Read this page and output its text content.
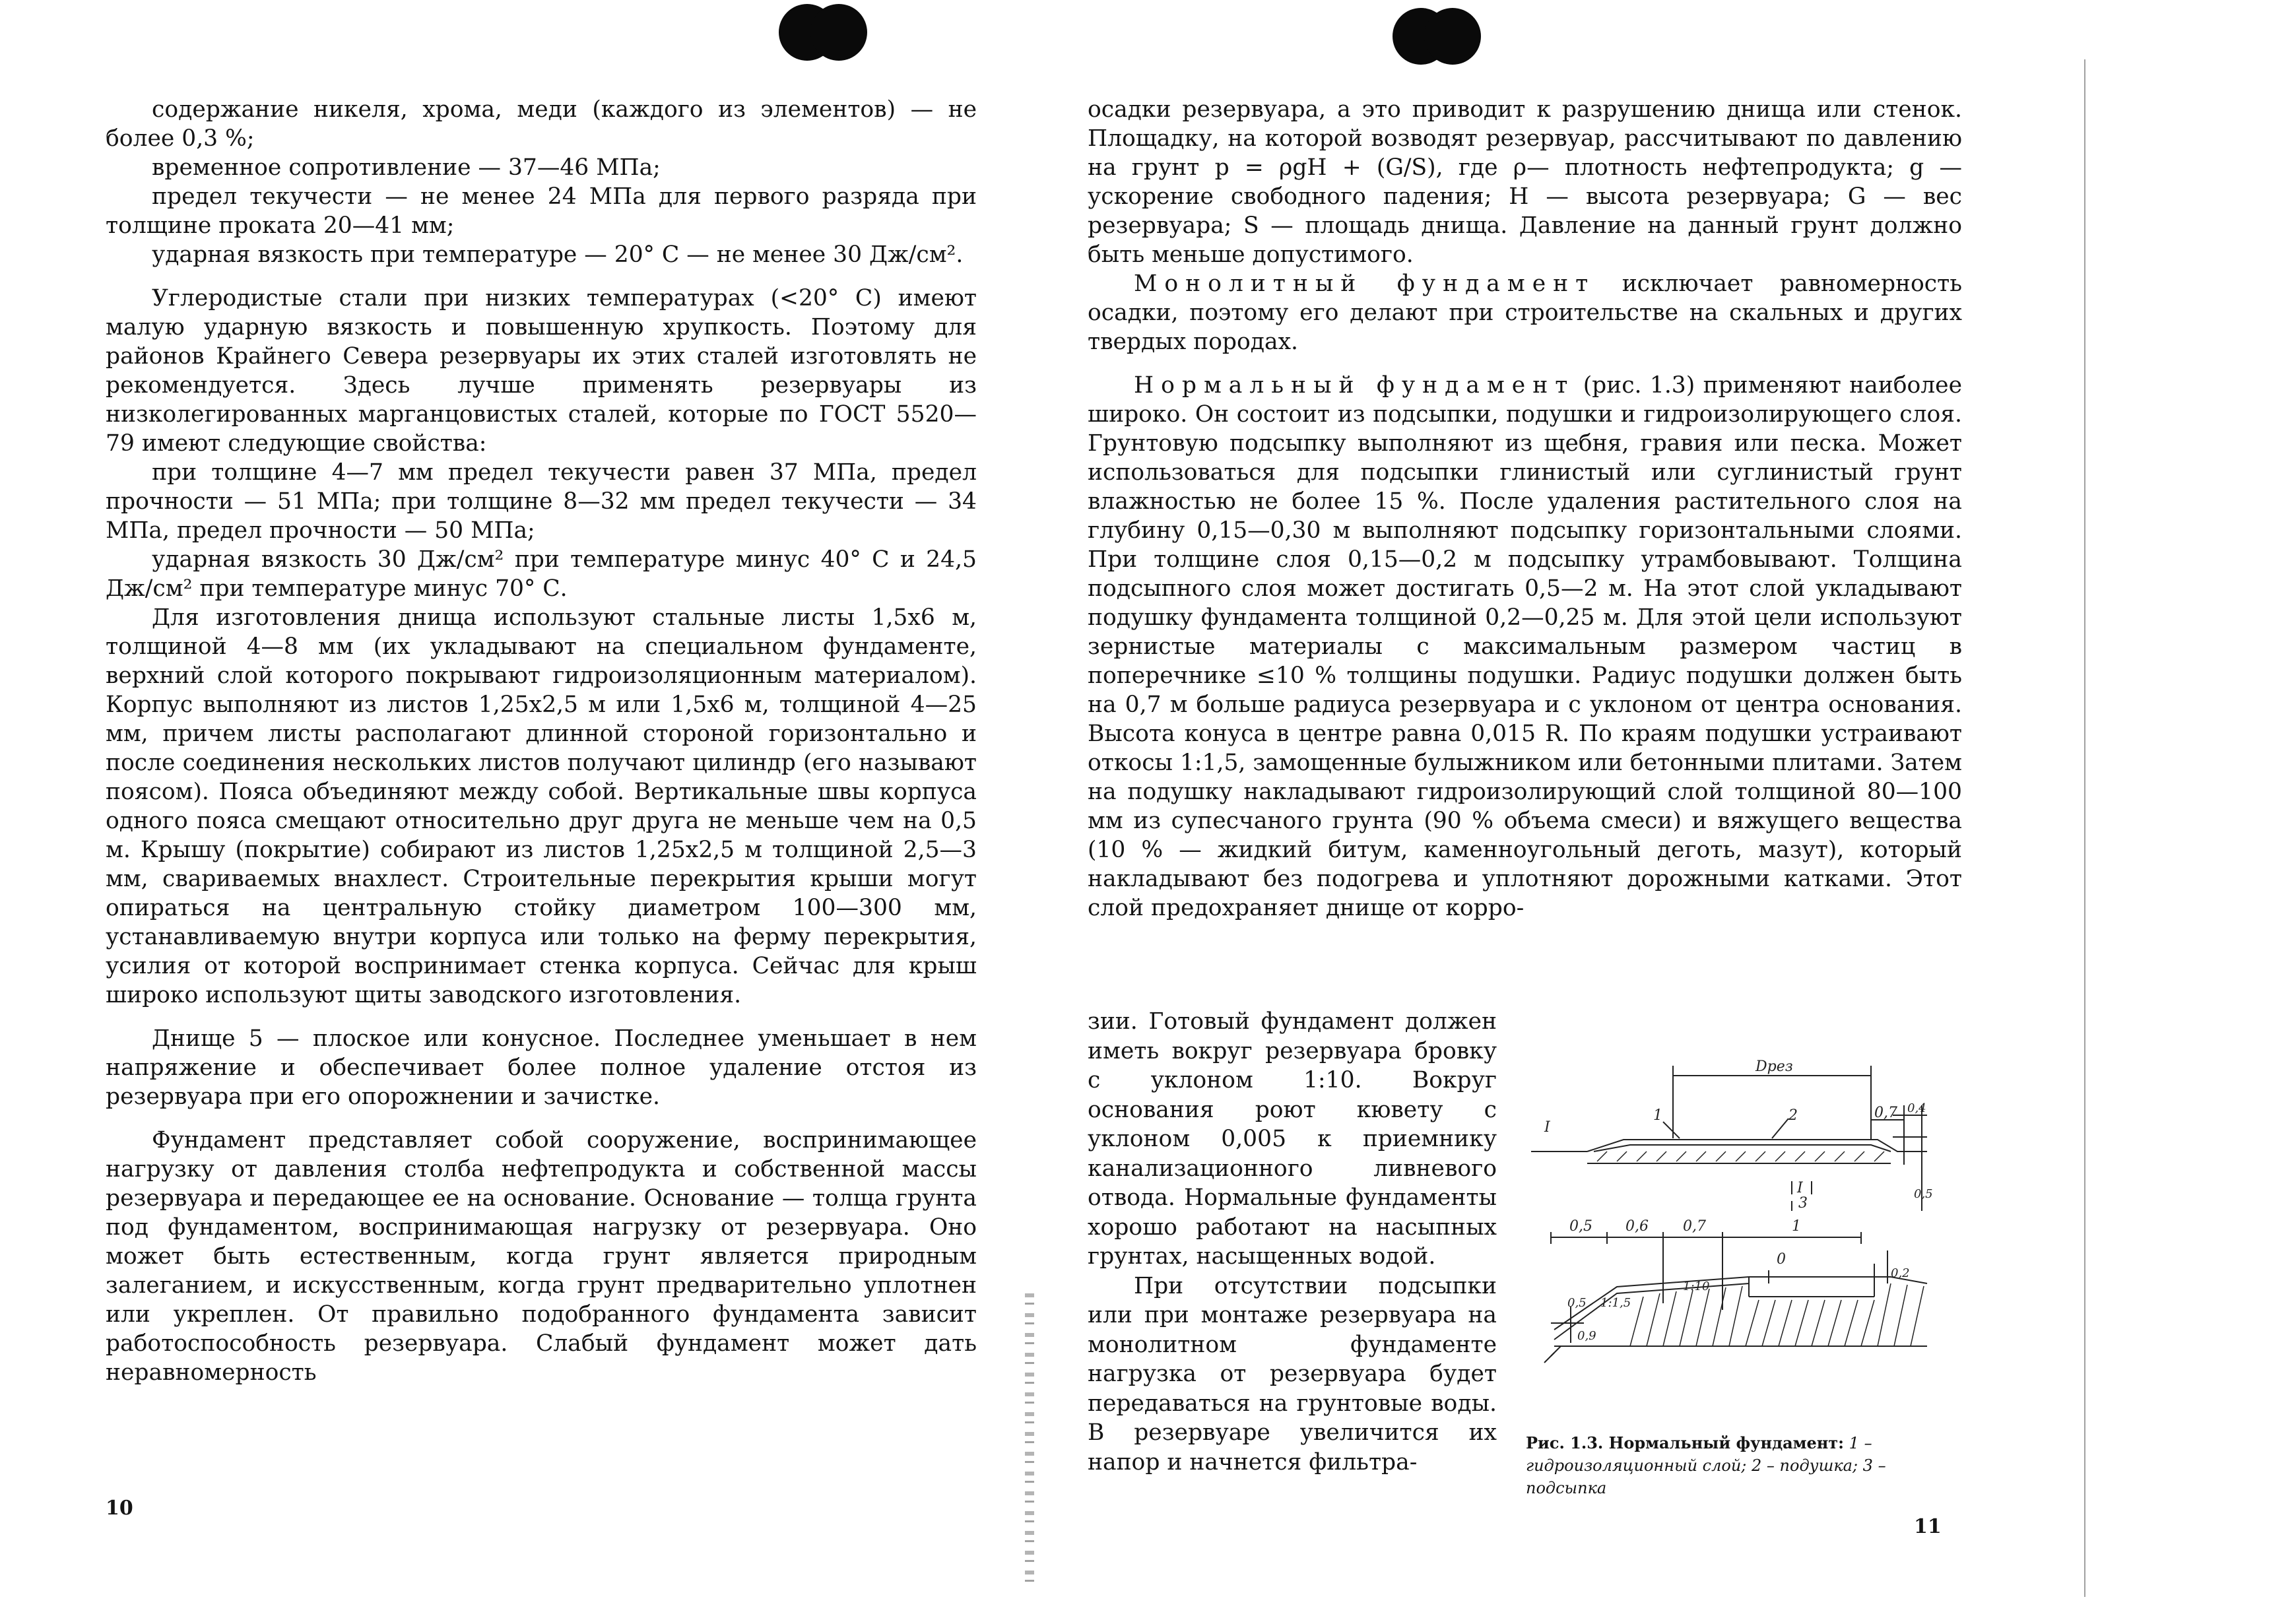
содержание никеля, хрома, меди (каждого из элементов) — не более 0,3 %;

временное сопротивление — 37—46 МПа;

предел текучести — не менее 24 МПа для первого разряда при толщине проката 20—41 мм;

ударная вязкость при температуре — 20° С — не менее 30 Дж/см².

Углеродистые стали при низких температурах (<20° С) имеют малую ударную вязкость и повышенную хрупкость. Поэтому для районов Крайнего Севера резервуары их этих сталей изготовлять не рекомендуется. Здесь лучше применять резервуары из низколегированных марганцовистых сталей, которые по ГОСТ 5520—79 имеют следующие свойства:

при толщине 4—7 мм предел текучести равен 37 МПа, предел прочности — 51 МПа; при толщине 8—32 мм предел текучести — 34 МПа, предел прочности — 50 МПа;

ударная вязкость 30 Дж/см² при температуре минус 40° С и 24,5 Дж/см² при температуре минус 70° С.

Для изготовления днища используют стальные листы 1,5х6 м, толщиной 4—8 мм (их укладывают на специальном фундаменте, верхний слой которого покрывают гидроизоляционным материалом). Корпус выполняют из листов 1,25х2,5 м или 1,5х6 м, толщиной 4—25 мм, причем листы располагают длинной стороной горизонтально и после соединения нескольких листов получают цилиндр (его называют поясом). Пояса объединяют между собой. Вертикальные швы корпуса одного пояса смещают относительно друг друга не меньше чем на 0,5 м. Крышу (покрытие) собирают из листов 1,25х2,5 м толщиной 2,5—3 мм, свариваемых внахлест. Строительные перекрытия крыши могут опираться на центральную стойку диаметром 100—300 мм, устанавливаемую внутри корпуса или только на ферму перекрытия, усилия от которой воспринимает стенка корпуса. Сейчас для крыш широко используют щиты заводского изготовления.

Днище 5 — плоское или конусное. Последнее уменьшает в нем напряжение и обеспечивает более полное удаление отстоя из резервуара при его опорожнении и зачистке.

Фундамент представляет собой сооружение, воспринимающее нагрузку от давления столба нефтепродукта и собственной массы резервуара и передающее ее на основание. Основание — толща грунта под фундаментом, воспринимающая нагрузку от резервуара. Оно может быть естественным, когда грунт является природным залеганием, и искусственным, когда грунт предварительно уплотнен или укреплен. От правильно подобранного фундамента зависит работоспособность резервуара. Слабый фундамент может дать неравномерность

10

осадки резервуара, а это приводит к разрушению днища или стенок. Площадку, на которой возводят резервуар, рассчитывают по давлению на грунт p = ρgH + (G/S), где ρ— плотность нефтепродукта; g — ускорение свободного падения; H — высота резервуара; G — вес резервуара; S — площадь днища. Давление на данный грунт должно быть меньше допустимого.

Монолитный фундамент исключает равномерность осадки, поэтому его делают при строительстве на скальных и других твердых породах.

Нормальный фундамент (рис. 1.3) применяют наиболее широко. Он состоит из подсыпки, подушки и гидроизолирующего слоя. Грунтовую подсыпку выполняют из щебня, гравия или песка. Может использоваться для подсыпки глинистый или суглинистый грунт влажностью не более 15 %. После удаления растительного слоя на глубину 0,15—0,30 м выполняют подсыпку горизонтальными слоями. При толщине слоя 0,15—0,2 м подсыпку утрамбовывают. Толщина подсыпного слоя может достигать 0,5—2 м. На этот слой укладывают подушку фундамента толщиной 0,2—0,25 м. Для этой цели используют зернистые материалы с максимальным размером частиц в поперечнике ≤10 % толщины подушки. Радиус подушки должен быть на 0,7 м больше радиуса резервуара и с уклоном от центра основания. Высота конуса в центре равна 0,015 R. По краям подушки устраивают откосы 1:1,5, замощенные булыжником или бетонными плитами. Затем на подушку накладывают гидроизолирующий слой толщиной 80—100 мм из супесчаного грунта (90 % объема смеси) и вяжущего вещества (10 % — жидкий битум, каменноугольный деготь, мазут), который накладывают без подогрева и уплотняют дорожными катками. Этот слой предохраняет днище от корро-

зии. Готовый фундамент должен иметь вокруг резервуара бровку с уклоном 1:10. Вокруг основания роют кювету с уклоном 0,005 к приемнику канализационного ливневого отвода. Нормальные фундаменты хорошо работают на насыпных грунтах, насыщенных водой.

При отсутствии подсыпки или при монтаже резервуара на монолитном фундаменте нагрузка от резервуара будет передаваться на грунтовые воды. В резервуаре увеличится их напор и начнется фильтра-

I
1	2
Dрез
0,7 0,4
0,5
3
I
0,5 0,6 0,7	1
0
0,2
0,5 1:1,5
1:10
0,9
Рис. 1.3. Нормальный фундамент: 1 – гидроизоляционный слой; 2 – подушка; 3 – подсыпка
11
